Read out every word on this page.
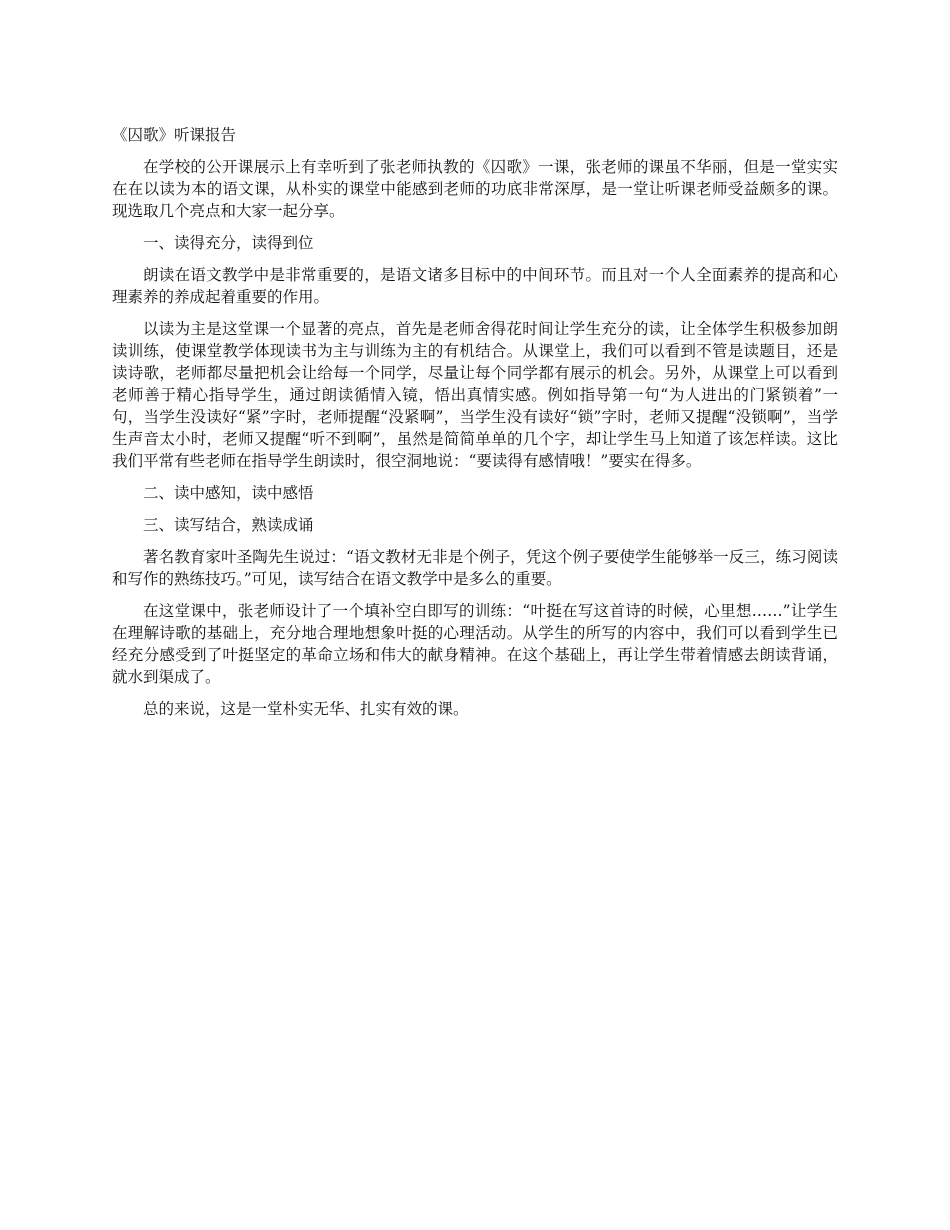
《囚歌》听课报告

在学校的公开课展示上有幸听到了张老师执教的《囚歌》一课，张老师的课虽不华丽，但是一堂实实在在以读为本的语文课，从朴实的课堂中能感到老师的功底非常深厚，是一堂让听课老师受益颇多的课。现选取几个亮点和大家一起分享。

一、读得充分，读得到位

朗读在语文教学中是非常重要的，是语文诸多目标中的中间环节。而且对一个人全面素养的提高和心理素养的养成起着重要的作用。

以读为主是这堂课一个显著的亮点，首先是老师舍得花时间让学生充分的读，让全体学生积极参加朗读训练，使课堂教学体现读书为主与训练为主的有机结合。从课堂上，我们可以看到不管是读题目，还是读诗歌，老师都尽量把机会让给每一个同学，尽量让每个同学都有展示的机会。另外，从课堂上可以看到老师善于精心指导学生，通过朗读循情入镜，悟出真情实感。例如指导第一句“为人进出的门紧锁着”一句，当学生没读好“紧”字时，老师提醒“没紧啊”，当学生没有读好“锁”字时，老师又提醒“没锁啊”，当学生声音太小时，老师又提醒“听不到啊”，虽然是简简单单的几个字，却让学生马上知道了该怎样读。这比我们平常有些老师在指导学生朗读时，很空洞地说：“要读得有感情哦！”要实在得多。

二、读中感知，读中感悟

三、读写结合，熟读成诵

著名教育家叶圣陶先生说过：“语文教材无非是个例子，凭这个例子要使学生能够举一反三，练习阅读和写作的熟练技巧。”可见，读写结合在语文教学中是多么的重要。

在这堂课中，张老师设计了一个填补空白即写的训练：“叶挺在写这首诗的时候，心里想……”让学生在理解诗歌的基础上，充分地合理地想象叶挺的心理活动。从学生的所写的内容中，我们可以看到学生已经充分感受到了叶挺坚定的革命立场和伟大的献身精神。在这个基础上，再让学生带着情感去朗读背诵，就水到渠成了。

总的来说，这是一堂朴实无华、扎实有效的课。
